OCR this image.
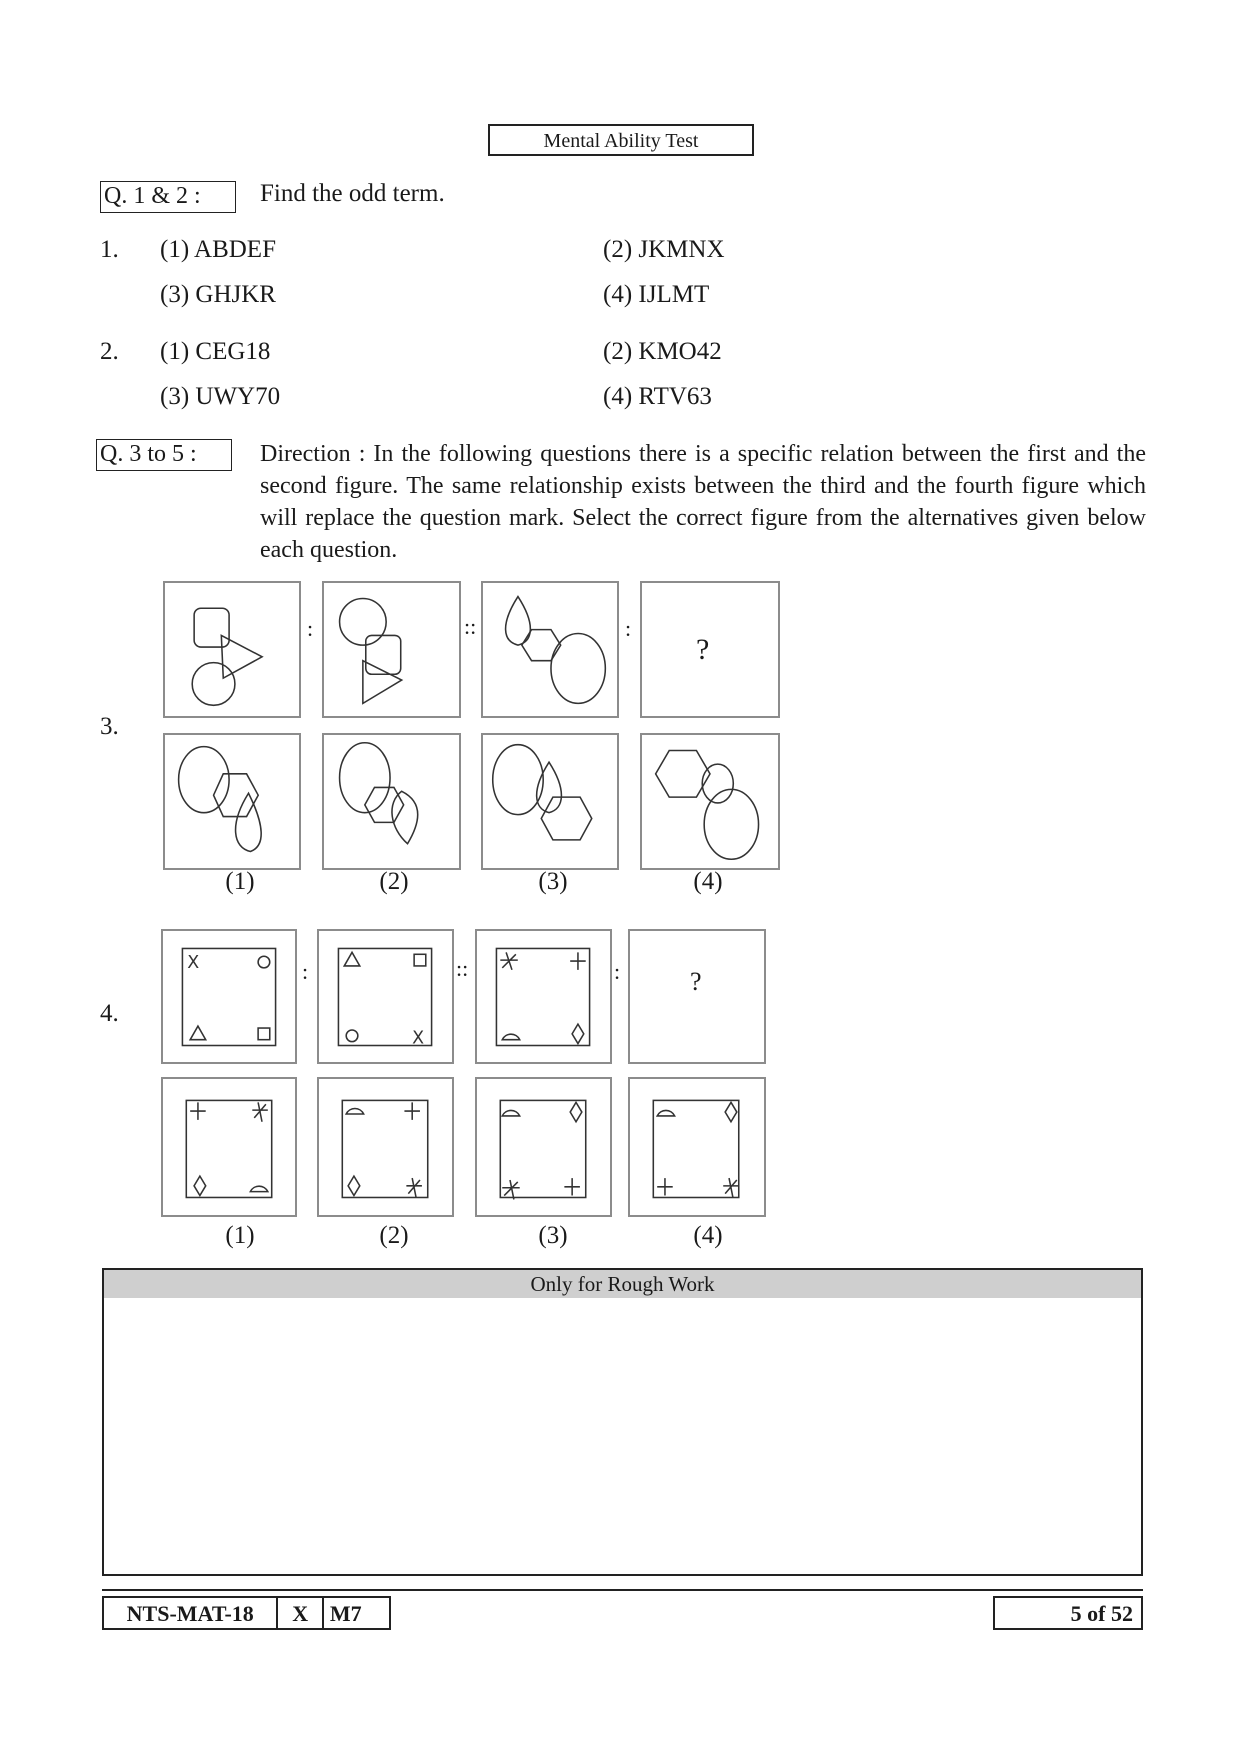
Mental Ability Test
Q. 1 & 2 :	Find the odd term.
1. (1) ABDEF	(2) JKMNX
(3) GHJKR	(4) IJLMT
2. (1) CEG18	(2) KMO42
(3) UWY70	(4) RTV63
Q. 3 to 5 :	Direction : In the following questions there is a specific relation between the first and the second figure. The same relationship exists between the third and the fourth figure which will replace the question mark. Select the correct figure from the alternatives given below each question.
3.
:	::	:
?
(1)	(2)	(3)	(4)
4.
X	:
X
::	:	?
(1)	(2)	(3)	(4)
Only for Rough Work
NTS-MAT-18	X M7	5 of 52
